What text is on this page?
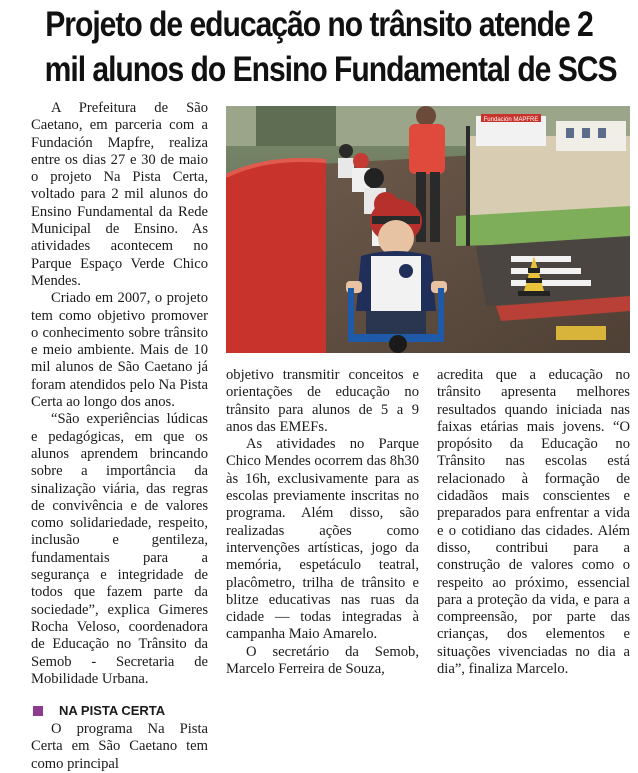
Projeto de educação no trânsito atende 2
mil alunos do Ensino Fundamental de SCS

A Prefeitura de São Caetano, em parceria com a Fundación Mapfre, realiza entre os dias 27 e 30 de maio o projeto Na Pista Certa, voltado para 2 mil alunos do Ensino Fundamental da Rede Municipal de Ensino. As atividades acontecem no Parque Espaço Verde Chico Mendes.

Criado em 2007, o projeto tem como objetivo promover o conhecimento sobre trânsito e meio ambiente. Mais de 10 mil alunos de São Caetano já foram atendidos pelo Na Pista Certa ao longo dos anos.

“São experiências lúdicas e pedagógicas, em que os alunos aprendem brincando sobre a importância da sinalização viária, das regras de convivência e de valores como solidariedade, respeito, inclusão e gentileza, fundamentais para a segurança e integridade de todos que fazem parte da sociedade”, explica Gimeres Rocha Veloso, coordenadora de Educação no Trânsito da Semob - Secretaria de Mobilidade Urbana.

NA PISTA CERTA

O programa Na Pista Certa em São Caetano tem como principal

Fundación MAPFRE

objetivo transmitir conceitos e orientações de educação no trânsito para alunos de 5 a 9 anos das EMEFs.

As atividades no Parque Chico Mendes ocorrem das 8h30 às 16h, exclusivamente para as escolas previamente inscritas no programa. Além disso, são realizadas ações como intervenções artísticas, jogo da memória, espetáculo teatral, placômetro, trilha de trânsito e blitze educativas nas ruas da cidade — todas integradas à campanha Maio Amarelo.

O secretário da Semob, Marcelo Ferreira de Souza,

acredita que a educação no trânsito apresenta melhores resultados quando iniciada nas faixas etárias mais jovens. “O propósito da Educação no Trânsito nas escolas está relacionado à formação de cidadãos mais conscientes e preparados para enfrentar a vida e o cotidiano das cidades. Além disso, contribui para a construção de valores como o respeito ao próximo, essencial para a proteção da vida, e para a compreensão, por parte das crianças, dos elementos e situações vivenciadas no dia a dia”, finaliza Marcelo.
